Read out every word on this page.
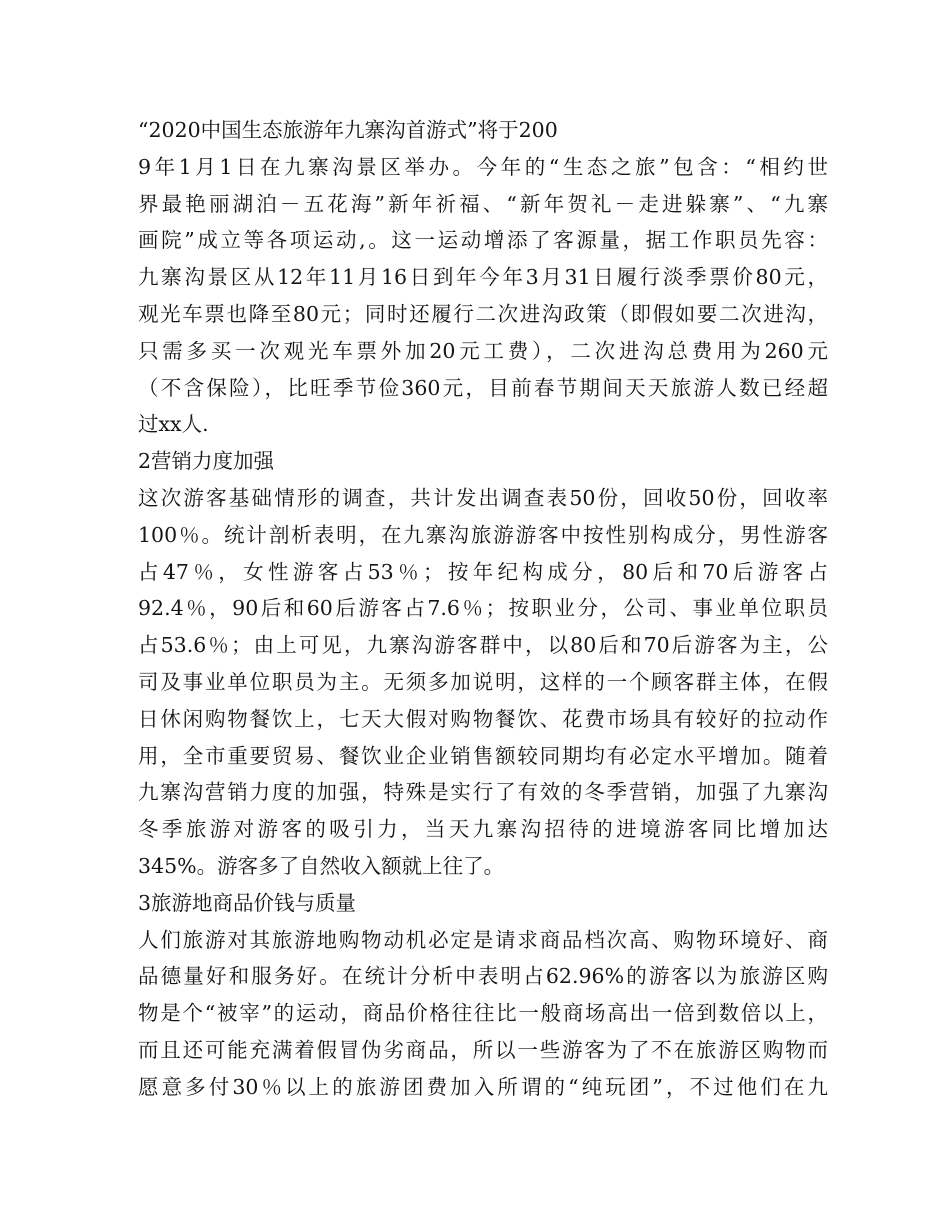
“2020中国生态旅游年九寨沟首游式”将于200
9年1月1日在九寨沟景区举办。今年的“生态之旅”包含：“相约世
界最艳丽湖泊－五花海”新年祈福、“新年贺礼－走进躲寨”、“九寨
画院”成立等各项运动,。这一运动增添了客源量，据工作职员先容：
九寨沟景区从12年11月16日到年今年3月31日履行淡季票价80元，
观光车票也降至80元；同时还履行二次进沟政策（即假如要二次进沟，
只需多买一次观光车票外加20元工费），二次进沟总费用为260元
（不含保险），比旺季节俭360元，目前春节期间天天旅游人数已经超
过xx人.
2营销力度加强
这次游客基础情形的调查，共计发出调查表50份，回收50份，回收率
100％。统计剖析表明，在九寨沟旅游游客中按性别构成分，男性游客
占47％，女性游客占53％；按年纪构成分，80后和70后游客占
92.4％，90后和60后游客占7.6％；按职业分，公司、事业单位职员
占53.6％；由上可见，九寨沟游客群中，以80后和70后游客为主，公
司及事业单位职员为主。无须多加说明，这样的一个顾客群主体，在假
日休闲购物餐饮上，七天大假对购物餐饮、花费市场具有较好的拉动作
用，全市重要贸易、餐饮业企业销售额较同期均有必定水平增加。随着
九寨沟营销力度的加强，特殊是实行了有效的冬季营销，加强了九寨沟
冬季旅游对游客的吸引力，当天九寨沟招待的进境游客同比增加达
345%。游客多了自然收入额就上往了。
3旅游地商品价钱与质量
人们旅游对其旅游地购物动机必定是请求商品档次高、购物环境好、商
品德量好和服务好。在统计分析中表明占62.96%的游客以为旅游区购
物是个“被宰”的运动，商品价格往往比一般商场高出一倍到数倍以上，
而且还可能充满着假冒伪劣商品，所以一些游客为了不在旅游区购物而
愿意多付30％以上的旅游团费加入所谓的“纯玩团”，不过他们在九
